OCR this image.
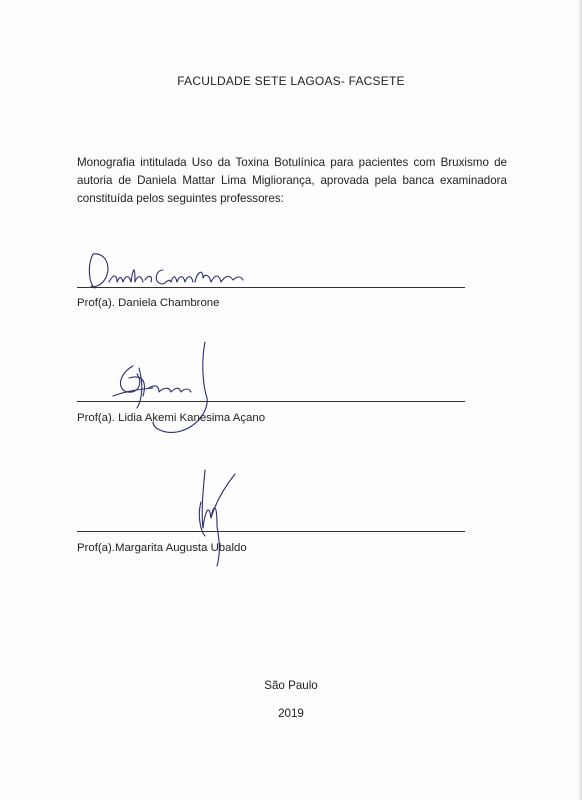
FACULDADE SETE LAGOAS- FACSETE
Monografia intitulada Uso da Toxina Botulínica para pacientes com Bruxismo de autoria de Daniela Mattar Lima Migliorança, aprovada pela banca examinadora constituída pelos seguintes professores:
Prof(a). Daniela Chambrone
Prof(a). Lidia Akemi Kanesima Açano
Prof(a).Margarita Augusta Ubaldo
São Paulo
2019
